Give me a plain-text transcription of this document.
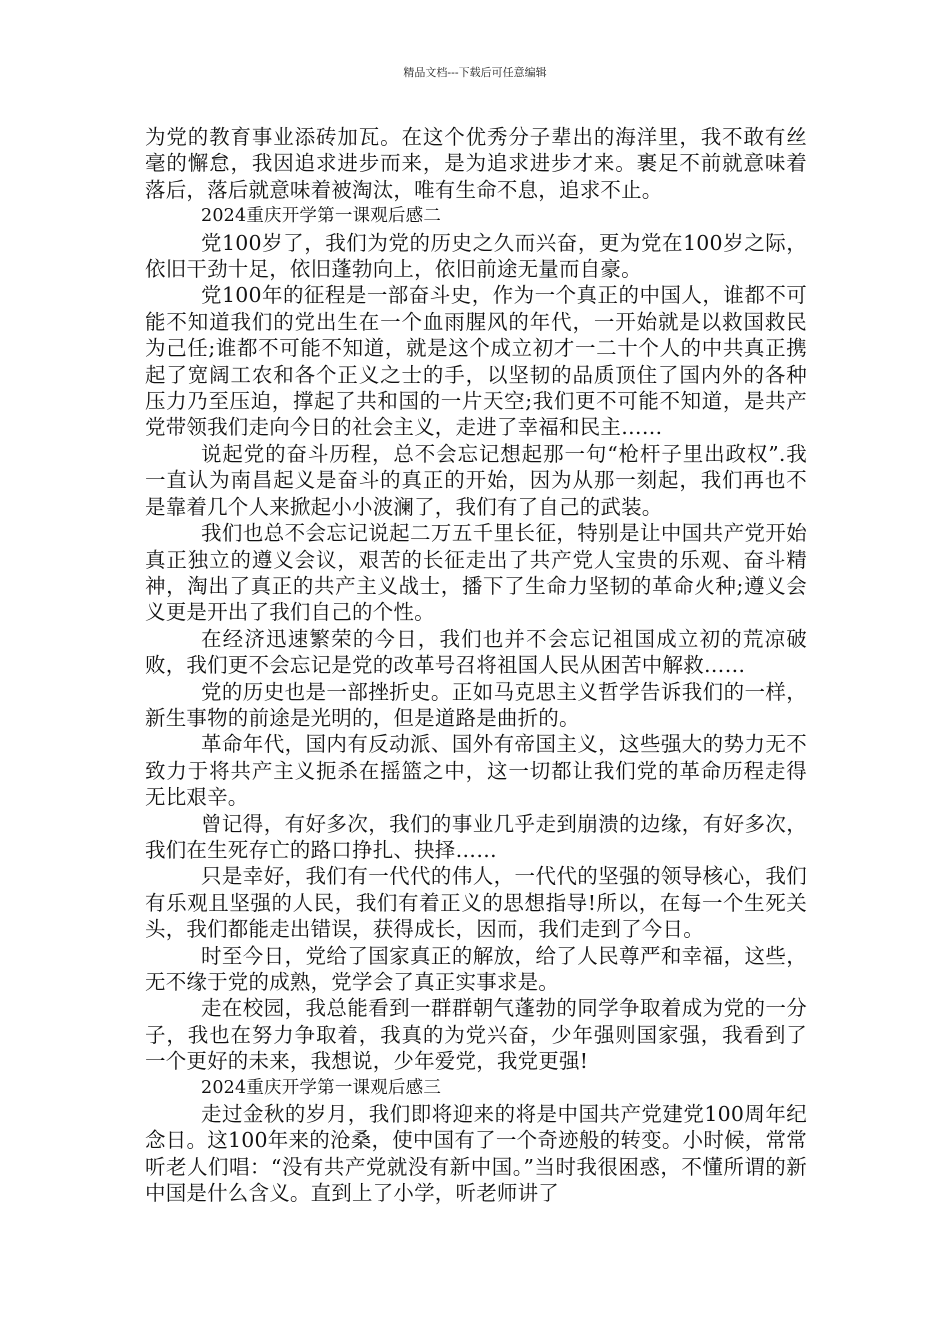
精品文档---下载后可任意编辑

为党的教育事业添砖加瓦。在这个优秀分子辈出的海洋里，我不敢有丝毫的懈怠，我因追求进步而来，是为追求进步才来。裹足不前就意味着落后，落后就意味着被淘汰，唯有生命不息，追求不止。

2024重庆开学第一课观后感二

党100岁了，我们为党的历史之久而兴奋，更为党在100岁之际，依旧干劲十足，依旧蓬勃向上，依旧前途无量而自豪。

党100年的征程是一部奋斗史，作为一个真正的中国人，谁都不可能不知道我们的党出生在一个血雨腥风的年代，一开始就是以救国救民为己任;谁都不可能不知道，就是这个成立初才一二十个人的中共真正携起了宽阔工农和各个正义之士的手，以坚韧的品质顶住了国内外的各种压力乃至压迫，撑起了共和国的一片天空;我们更不可能不知道，是共产党带领我们走向今日的社会主义，走进了幸福和民主……

说起党的奋斗历程，总不会忘记想起那一句“枪杆子里出政权”.我一直认为南昌起义是奋斗的真正的开始，因为从那一刻起，我们再也不是靠着几个人来掀起小小波澜了，我们有了自己的武装。

我们也总不会忘记说起二万五千里长征，特别是让中国共产党开始真正独立的遵义会议，艰苦的长征走出了共产党人宝贵的乐观、奋斗精神，淘出了真正的共产主义战士，播下了生命力坚韧的革命火种;遵义会义更是开出了我们自己的个性。

在经济迅速繁荣的今日，我们也并不会忘记祖国成立初的荒凉破败，我们更不会忘记是党的改革号召将祖国人民从困苦中解救……

党的历史也是一部挫折史。正如马克思主义哲学告诉我们的一样，新生事物的前途是光明的，但是道路是曲折的。

革命年代，国内有反动派、国外有帝国主义，这些强大的势力无不致力于将共产主义扼杀在摇篮之中，这一切都让我们党的革命历程走得无比艰辛。

曾记得，有好多次，我们的事业几乎走到崩溃的边缘，有好多次，我们在生死存亡的路口挣扎、抉择……

只是幸好，我们有一代代的伟人，一代代的坚强的领导核心，我们有乐观且坚强的人民，我们有着正义的思想指导!所以，在每一个生死关头，我们都能走出错误，获得成长，因而，我们走到了今日。

时至今日，党给了国家真正的解放，给了人民尊严和幸福，这些，无不缘于党的成熟，党学会了真正实事求是。

走在校园，我总能看到一群群朝气蓬勃的同学争取着成为党的一分子，我也在努力争取着，我真的为党兴奋，少年强则国家强，我看到了一个更好的未来，我想说，少年爱党，我党更强!

2024重庆开学第一课观后感三

走过金秋的岁月，我们即将迎来的将是中国共产党建党100周年纪念日。这100年来的沧桑，使中国有了一个奇迹般的转变。小时候，常常听老人们唱：“没有共产党就没有新中国。”当时我很困惑，不懂所谓的新中国是什么含义。直到上了小学，听老师讲了
